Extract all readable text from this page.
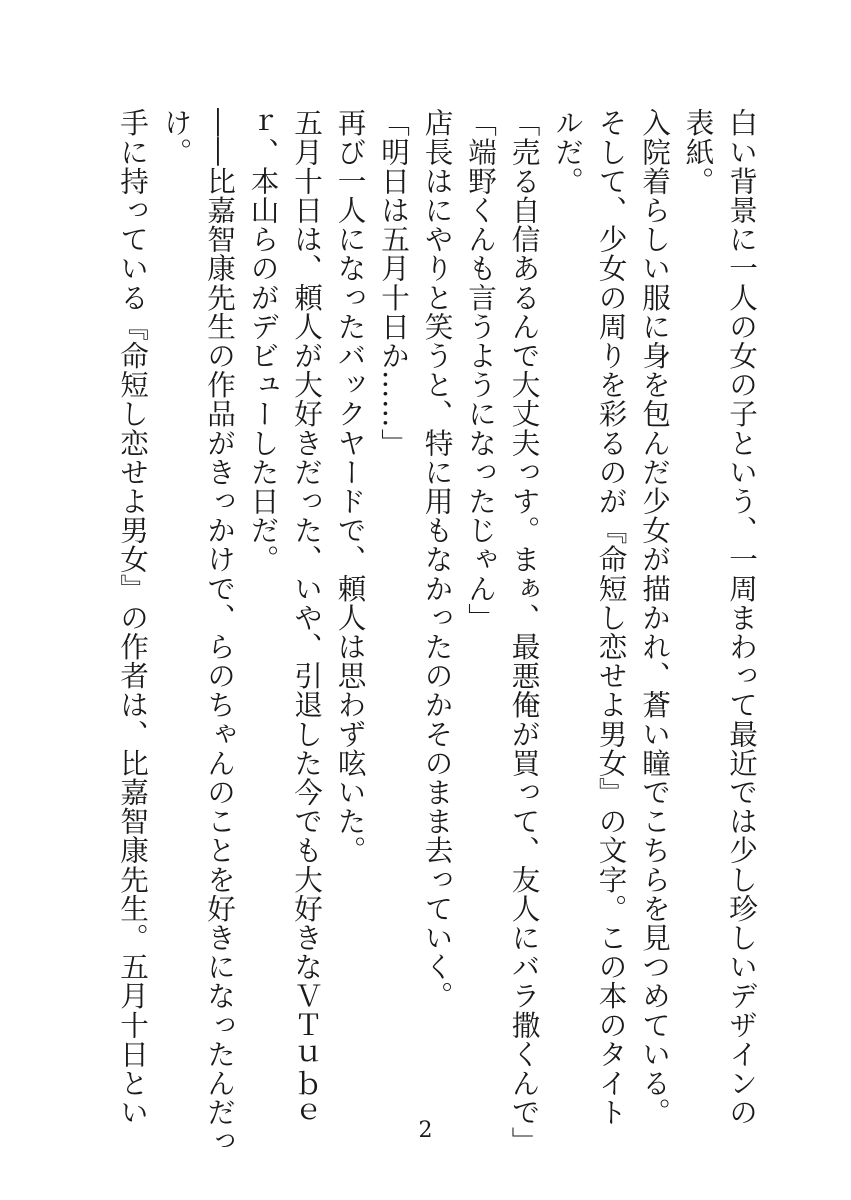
白い背景に一人の女の子という、一周まわって最近では少し珍しいデザインの
表紙。
入院着らしい服に身を包んだ少女が描かれ、蒼い瞳でこちらを見つめている。
そして、少女の周りを彩るのが『命短し恋せよ男女』の文字。この本のタイト
ルだ。
「売る自信あるんで大丈夫っす。まぁ、最悪俺が買って、友人にバラ撒くんで」
「端野くんも言うようになったじゃん」
店長はにやりと笑うと、特に用もなかったのかそのまま去っていく。
「明日は五月十日か……」
再び一人になったバックヤードで、頼人は思わず呟いた。
五月十日は、頼人が大好きだった、いや、引退した今でも大好きなＶＴｕｂｅ
ｒ、本山らのがデビューした日だ。
――比嘉智康先生の作品がきっかけで、らのちゃんのことを好きになったんだっ
け。
手に持っている『命短し恋せよ男女』の作者は、比嘉智康先生。五月十日とい
2
